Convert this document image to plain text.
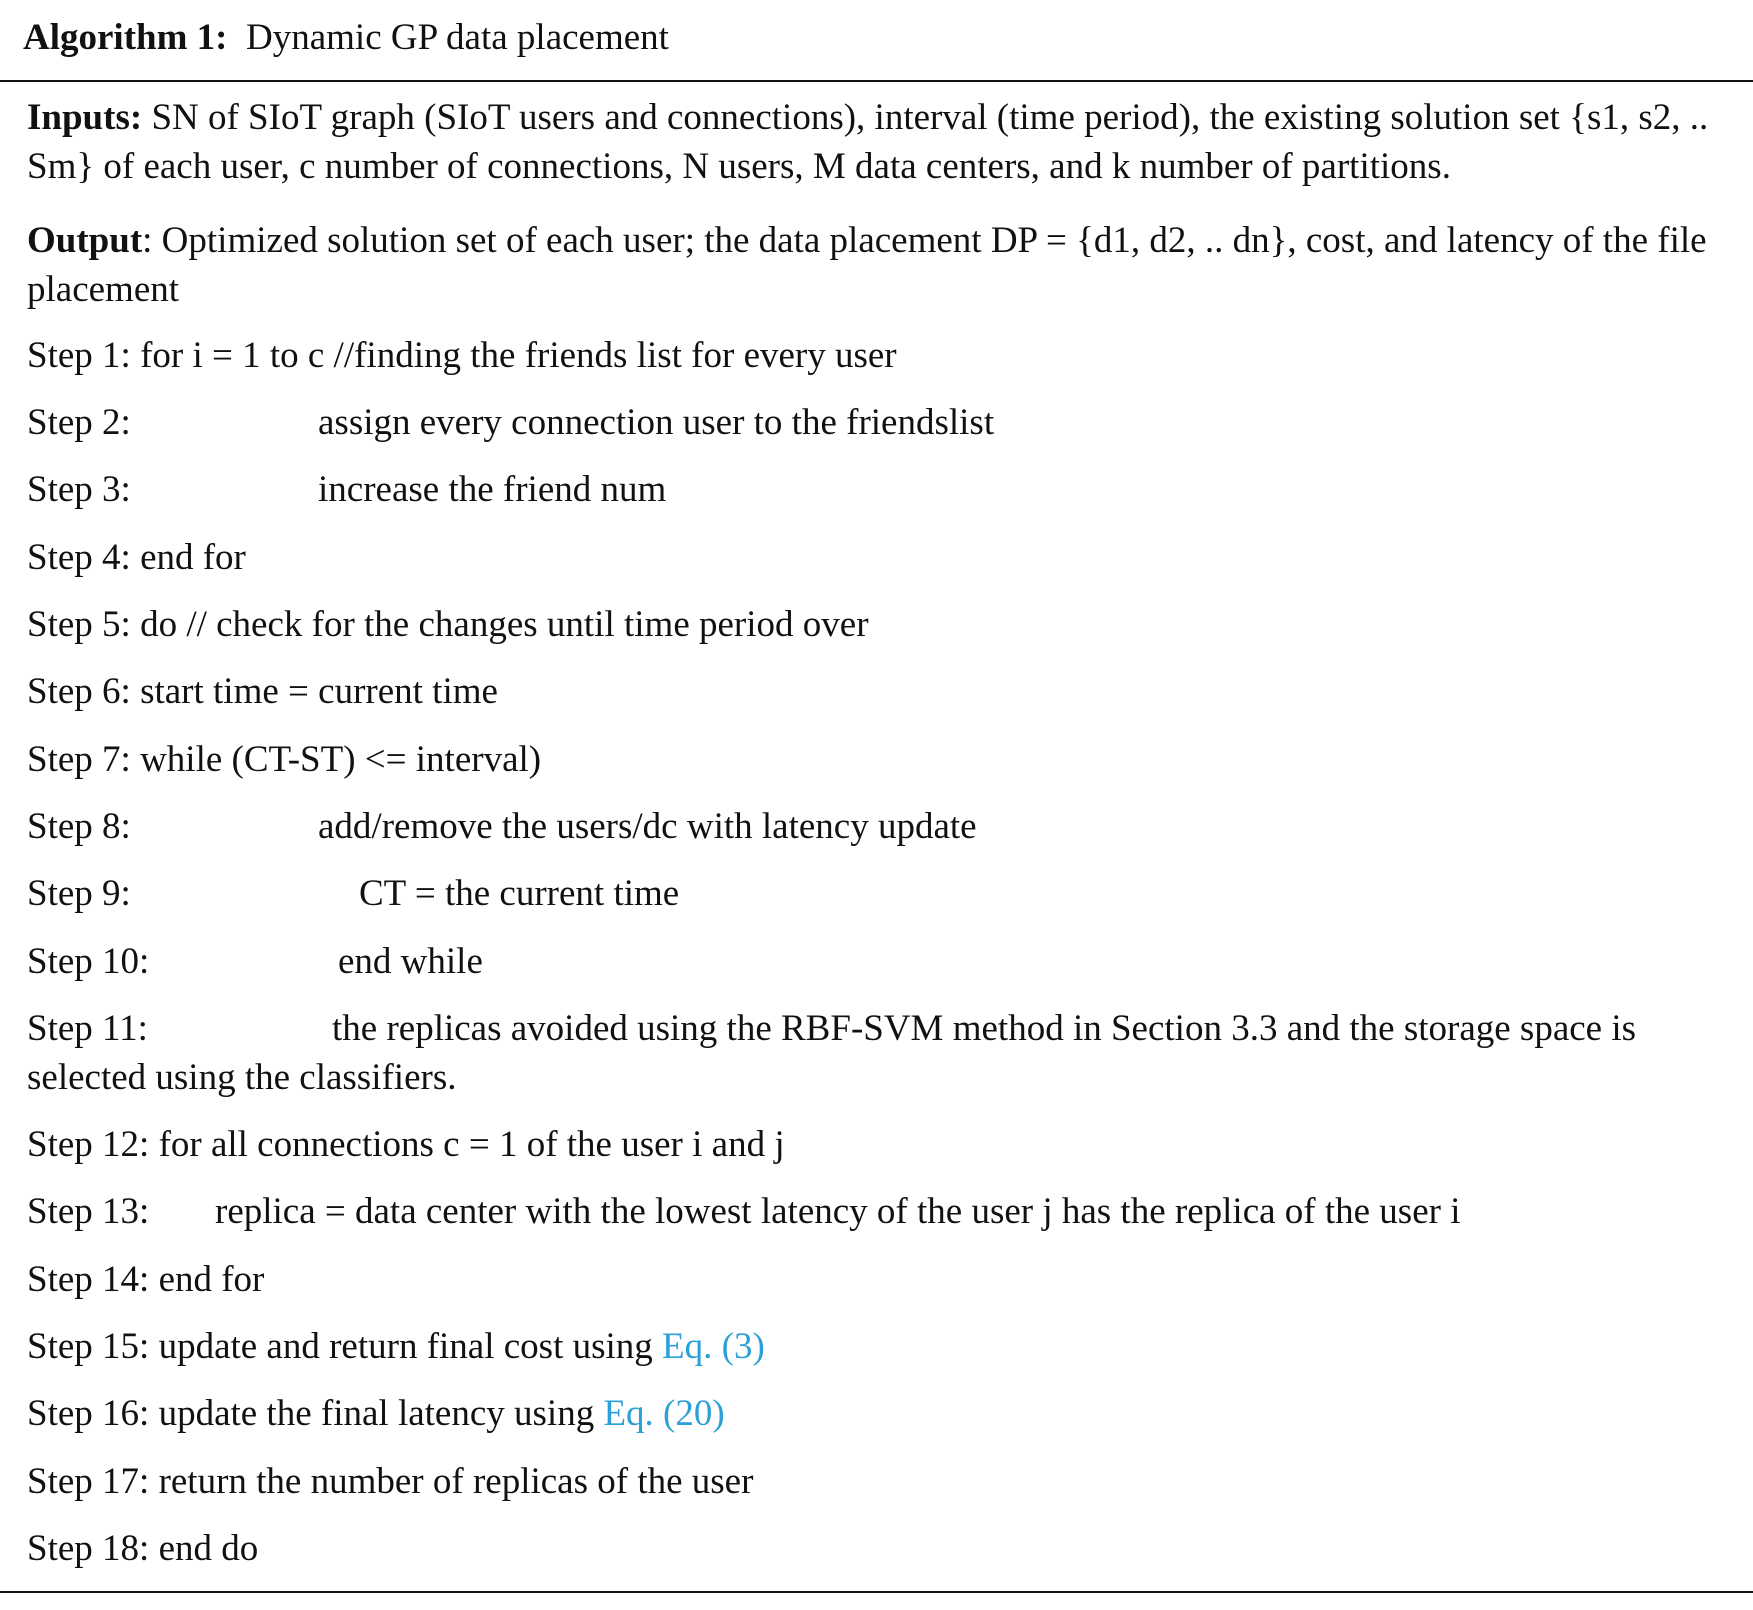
Algorithm 1: Dynamic GP data placement
Inputs: SN of SIoT graph (SIoT users and connections), interval (time period), the existing solution set {s1, s2, .. Sm} of each user, c number of connections, N users, M data centers, and k number of partitions.
Output: Optimized solution set of each user; the data placement DP = {d1, d2, .. dn}, cost, and latency of the file placement
Step 1: for i = 1 to c //finding the friends list for every user
Step 2:	assign every connection user to the friendslist
Step 3:	increase the friend num
Step 4: end for
Step 5: do // check for the changes until time period over
Step 6: start time = current time
Step 7: while (CT-ST) <= interval)
Step 8:	add/remove the users/dc with latency update
Step 9:	CT = the current time
Step 10:	end while
Step 11:	the replicas avoided using the RBF-SVM method in Section 3.3 and the storage space is
selected using the classifiers.
Step 12: for all connections c = 1 of the user i and j
Step 13: replica = data center with the lowest latency of the user j has the replica of the user i
Step 14: end for
Step 15: update and return final cost using Eq. (3)
Step 16: update the final latency using Eq. (20)
Step 17: return the number of replicas of the user
Step 18: end do
